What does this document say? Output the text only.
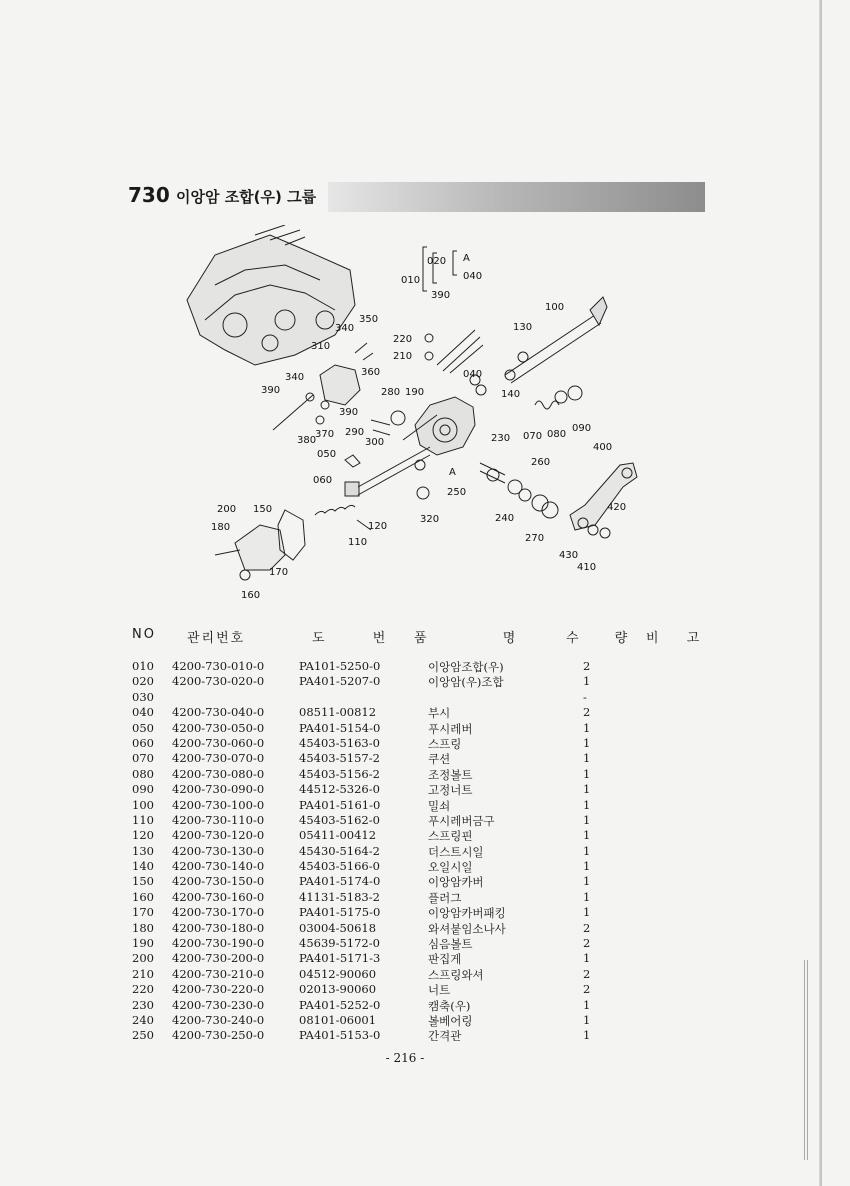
730 이앙암 조합(우) 그룹
020
010
390
A
040
100
130
350
340
220
210
310
360
340	040
390	280 190	140
390
380
370 290
300
070 080
090
230
400
050
A
260
060
250
200 150
180
320	240
420
120
110	270
430
410
170
160
NO 관리번호	도 번 품 명 수 량 비 고
010 4200-730-010-0	PA101-5250-0	이앙암조합(우)	2
020 4200-730-020-0	PA401-5207-0	이앙암(우)조합	1
030	-
040 4200-730-040-0	08511-00812	부시	2
050 4200-730-050-0	PA401-5154-0	푸시레버	1
060 4200-730-060-0	45403-5163-0	스프링	1
070 4200-730-070-0	45403-5157-2	쿠션	1
080 4200-730-080-0	45403-5156-2	조정볼트	1
090 4200-730-090-0	44512-5326-0	고정너트	1
100 4200-730-100-0	PA401-5161-0	밀쇠	1
110 4200-730-110-0	45403-5162-0	푸시레버금구	1
120 4200-730-120-0	05411-00412	스프링핀	1
130 4200-730-130-0	45430-5164-2	더스트시일	1
140 4200-730-140-0	45403-5166-0	오일시일	1
150 4200-730-150-0	PA401-5174-0	이앙암카버	1
160 4200-730-160-0	41131-5183-2	플러그	1
170 4200-730-170-0	PA401-5175-0	이앙암카버패킹	1
180 4200-730-180-0	03004-50618	와셔붙임소나사	2
190 4200-730-190-0	45639-5172-0	심음볼트	2
200 4200-730-200-0	PA401-5171-3	판집게	1
210 4200-730-210-0	04512-90060	스프링와셔	2
220 4200-730-220-0	02013-90060	너트	2
230 4200-730-230-0	PA401-5252-0	캠축(우)	1
240 4200-730-240-0	08101-06001	볼베어링	1
250 4200-730-250-0	PA401-5153-0	간격관	1
- 216 -
